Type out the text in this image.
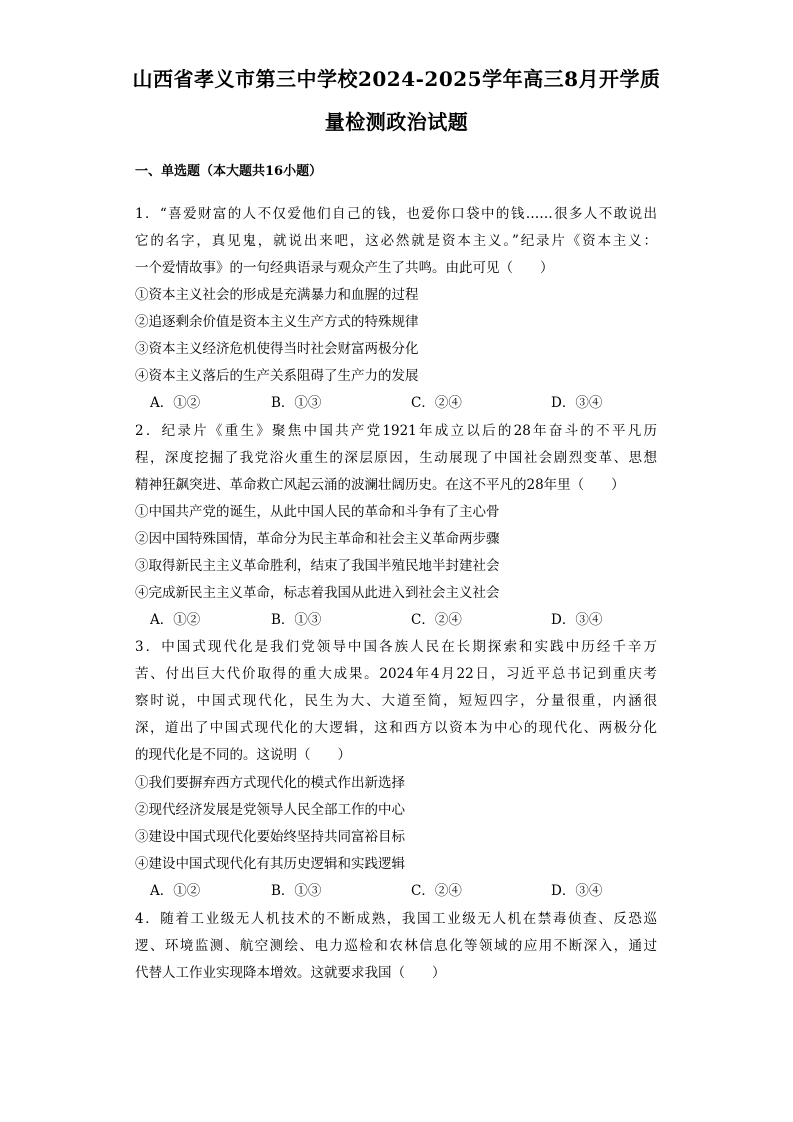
山西省孝义市第三中学校2024-2025学年高三8月开学质
量检测政治试题
一、单选题（本大题共16小题）
1．“喜爱财富的人不仅爱他们自己的钱，也爱你口袋中的钱……很多人不敢说出
它的名字，真见鬼，就说出来吧，这必然就是资本主义。”纪录片《资本主义：
一个爱情故事》的一句经典语录与观众产生了共鸣。由此可见（　　）
①资本主义社会的形成是充满暴力和血腥的过程
②追逐剩余价值是资本主义生产方式的特殊规律
③资本主义经济危机使得当时社会财富两极分化
④资本主义落后的生产关系阻碍了生产力的发展
A．①②	B．①③	C．②④	D．③④
2．纪录片《重生》聚焦中国共产党1921年成立以后的28年奋斗的不平凡历
程，深度挖掘了我党浴火重生的深层原因，生动展现了中国社会剧烈变革、思想
精神狂飙突进、革命救亡风起云涌的波澜壮阔历史。在这不平凡的28年里（　　）
①中国共产党的诞生，从此中国人民的革命和斗争有了主心骨
②因中国特殊国情，革命分为民主革命和社会主义革命两步骤
③取得新民主主义革命胜利，结束了我国半殖民地半封建社会
④完成新民主主义革命，标志着我国从此进入到社会主义社会
A．①②	B．①③	C．②④	D．③④
3．中国式现代化是我们党领导中国各族人民在长期探索和实践中历经千辛万
苦、付出巨大代价取得的重大成果。2024年4月22日，习近平总书记到重庆考
察时说，中国式现代化，民生为大、大道至简，短短四字，分量很重，内涵很
深，道出了中国式现代化的大逻辑，这和西方以资本为中心的现代化、两极分化
的现代化是不同的。这说明（　　）
①我们要摒弃西方式现代化的模式作出新选择
②现代经济发展是党领导人民全部工作的中心
③建设中国式现代化要始终坚持共同富裕目标
④建设中国式现代化有其历史逻辑和实践逻辑
A．①②	B．①③	C．②④	D．③④
4．随着工业级无人机技术的不断成熟，我国工业级无人机在禁毒侦查、反恐巡
逻、环境监测、航空测绘、电力巡检和农林信息化等领域的应用不断深入，通过
代替人工作业实现降本增效。这就要求我国（　　）
